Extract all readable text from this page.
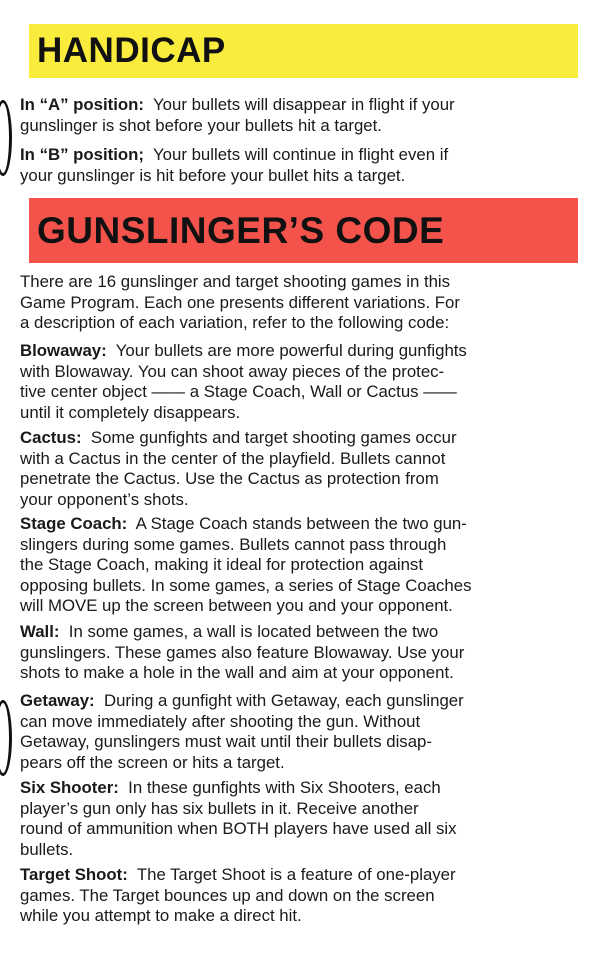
HANDICAP

In “A” position: Your bullets will disappear in flight if your
gunslinger is shot before your bullets hit a target.

In “B” position; Your bullets will continue in flight even if
your gunslinger is hit before your bullet hits a target.

GUNSLINGER’S CODE

There are 16 gunslinger and target shooting games in this
Game Program. Each one presents different variations. For
a description of each variation, refer to the following code:

Blowaway: Your bullets are more powerful during gunfights
with Blowaway. You can shoot away pieces of the protec-
tive center object —— a Stage Coach, Wall or Cactus ——
until it completely disappears.

Cactus: Some gunfights and target shooting games occur
with a Cactus in the center of the playfield. Bullets cannot
penetrate the Cactus. Use the Cactus as protection from
your opponent’s shots.

Stage Coach: A Stage Coach stands between the two gun-
slingers during some games. Bullets cannot pass through
the Stage Coach, making it ideal for protection against
opposing bullets. In some games, a series of Stage Coaches
will MOVE up the screen between you and your opponent.

Wall: In some games, a wall is located between the two
gunslingers. These games also feature Blowaway. Use your
shots to make a hole in the wall and aim at your opponent.

Getaway: During a gunfight with Getaway, each gunslinger
can move immediately after shooting the gun. Without
Getaway, gunslingers must wait until their bullets disap-
pears off the screen or hits a target.

Six Shooter: In these gunfights with Six Shooters, each
player’s gun only has six bullets in it. Receive another
round of ammunition when BOTH players have used all six
bullets.

Target Shoot: The Target Shoot is a feature of one-player
games. The Target bounces up and down on the screen
while you attempt to make a direct hit.
